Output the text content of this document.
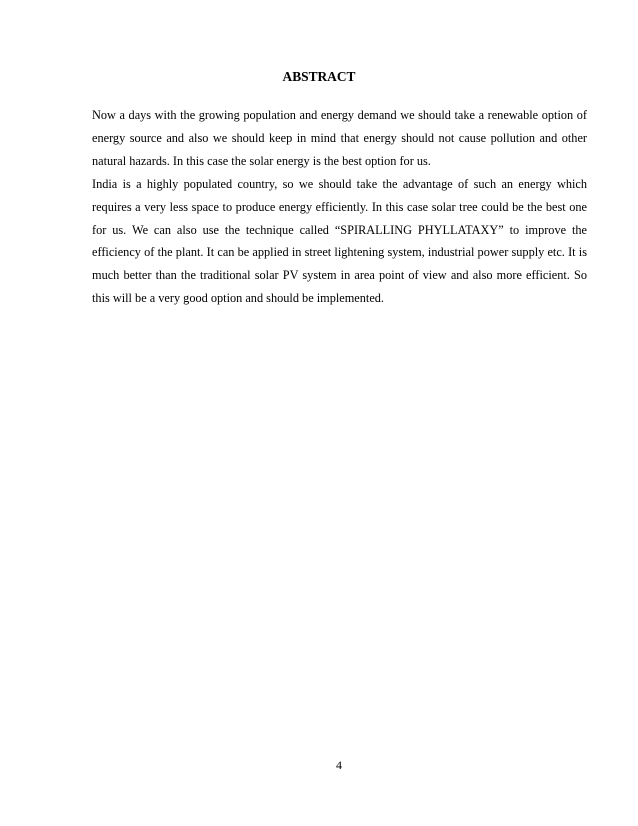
ABSTRACT

Now a days with the growing population and energy demand we should take a renewable option of energy source and also we should keep in mind that energy should not cause pollution and other natural hazards. In this case the solar energy is the best option for us.

India is a highly populated country, so we should take the advantage of such an energy which requires a very less space to produce energy efficiently. In this case solar tree could be the best one for us. We can also use the technique called “SPIRALLING PHYLLATAXY” to improve the efficiency of the plant. It can be applied in street lightening system, industrial power supply etc. It is much better than the traditional solar PV system in area point of view and also more efficient. So this will be a very good option and should be implemented.

4
